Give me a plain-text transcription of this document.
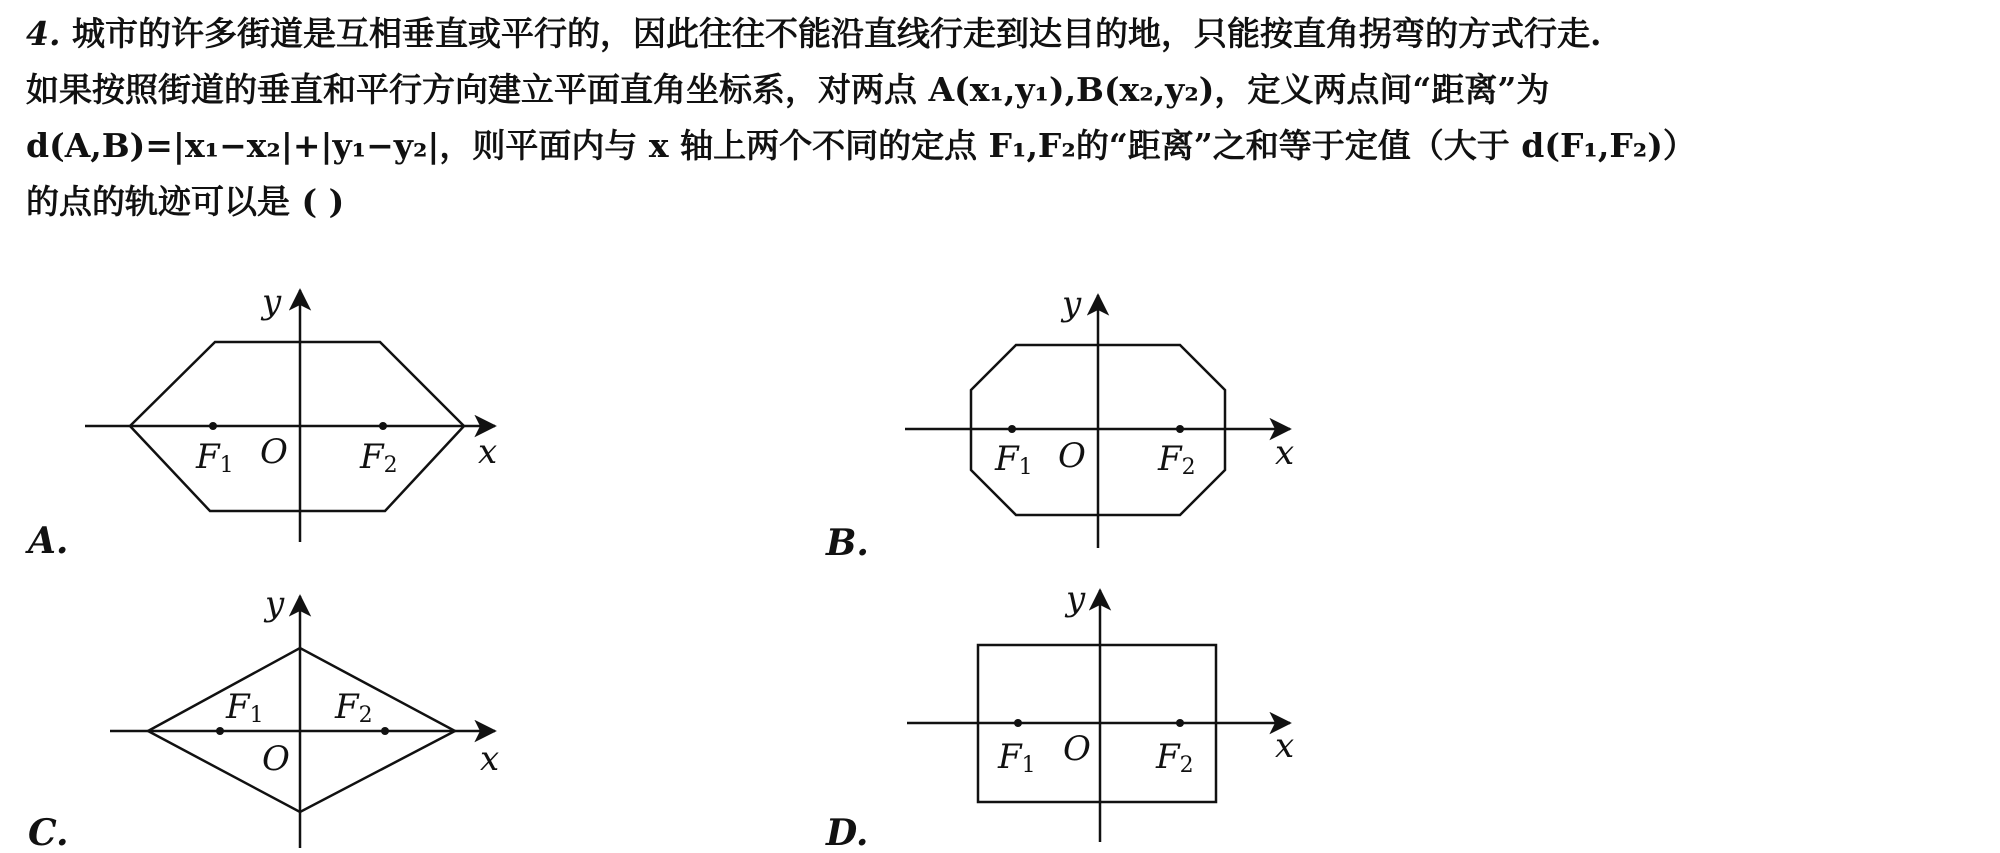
4. 城市的许多街道是互相垂直或平行的，因此往往不能沿直线行走到达目的地，只能按直角拐弯的方式行走.
如果按照街道的垂直和平行方向建立平面直角坐标系，对两点 A(x₁,y₁),B(x₂,y₂)，定义两点间“距离”为
d(A,B)=|x₁−x₂|+|y₁−y₂|，则平面内与 x 轴上两个不同的定点 F₁,F₂的“距离”之和等于定值（大于 d(F₁,F₂)）
的点的轨迹可以是 ( )
y
x
O
F1	F2
A.
y
x
O
F1	F2
B.
y
x
O
F1 F2
C.
y
x
O
F1	F2
D.
